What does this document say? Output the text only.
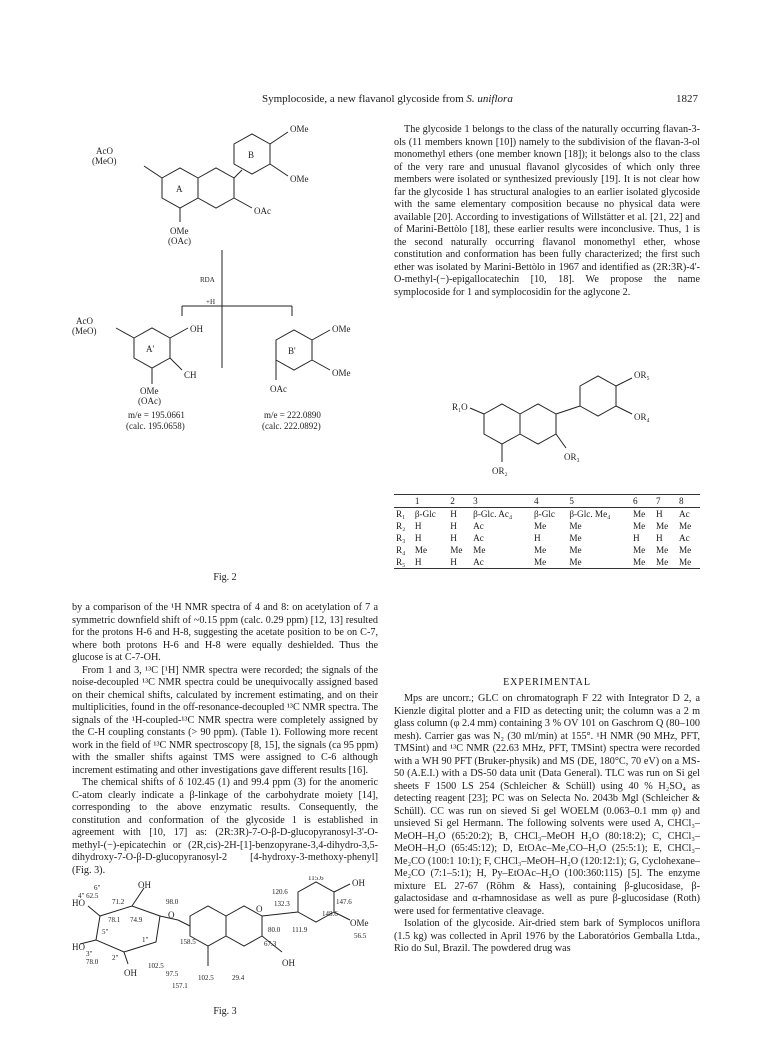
Symplocoside, a new flavanol glycoside from S. uniflora	1827
AcO
(MeO)
OMe
OMe
A
B
OAc
OMe
(OAc)
RDA
+H
AcO
(MeO)	OH
A'
CH
OMe
(OAc)
OMe
OMe
B'
OAc
m/e = 195.0661
(calc. 195.0658)
m/e = 222.0890
(calc. 222.0892)
Fig. 2

by a comparison of the ¹H NMR spectra of 4 and 8: on acetylation of 7 a symmetric downfield shift of ~0.15 ppm (calc. 0.29 ppm) [12, 13] resulted for the protons H-6 and H-8, suggesting the acetate position to be on C-7, where both protons H-6 and H-8 were equally deshielded. Thus the glucose is at C-7-OH.

From 1 and 3, ¹³C [¹H] NMR spectra were recorded; the signals of the noise-decoupled ¹³C NMR spectra could be unequivocally assigned based on their chemical shifts, calculated by increment estimating, and on their multiplicities, found in the off-resonance-decoupled ¹³C NMR spectra. The signals of the ¹H-coupled-¹³C NMR spectra were completely assigned by the C-H coupling constants (> 90 ppm). (Table 1). Following more recent work in the field of ¹³C NMR spectroscopy [8, 15], the signals (ca 95 ppm) with the smaller shifts against TMS were assigned to C-6 although increment estimating and other investigations gave different results [16].

The chemical shifts of δ 102.45 (1) and 99.4 ppm (3) for the anomeric C-atom clearly indicate a β-linkage of the carbohydrate moiety [14], corresponding to the above enzymatic results. Consequently, the constitution and conformation of the glycoside 1 is established in agreement with [10, 17] as: (2R:3R)-7-O-β-D-glucopyranosyl-3'-O-methyl-(−)-epicatechin or (2R,cis)-2H-[1]-benzopyrane-3,4-dihydro-3,5-dihydroxy-7-O-β-D-glucopyranosyl-2 [4-hydroxy-3-methoxy-phenyl] (Fig. 3).

HO
HO
OH
O
OH
O
OH
OMe
OH
6"
4" 62.5
71.2
78.1 74.9
5"
3"
78.0 2"
98.0
1"
102.5
158.5
97.5
157.1
102.5	29.4
120.6
132.3
80.0 111.9
115.6
147.6
148.6
56.5
67.3
Fig. 3

The glycoside 1 belongs to the class of the naturally occurring flavan-3-ols (11 members known [10]) namely to the subdivision of the flavan-3-ol monomethyl ethers (one member known [18]); it belongs also to the class of the very rare and unusual flavanol glycosides of which only three members were isolated or synthesized previously [19]. It is not clear how far the glycoside 1 has structural analogies to an earlier isolated glycoside with the same elementary composition because no physical data were available [20]. According to investigations of Willstätter et al. [21, 22] and of Marini-Bettòlo [18], these earlier results were inconclusive. Thus, 1 is the second naturally occurring flavanol monomethyl ether, whose constitution and conformation has been fully characterized; the first such ether was isolated by Marini-Bettòlo in 1967 and identified as (2R:3R)-4'-O-methyl-(−)-epigallocatechin [10, 18]. We propose the name symplocoside for 1 and symplocosidin for the aglycone 2.

OR₅
R₁O
OR₄
OR₃
OR₂
	1	2	3	4	5	6	7	8
R₁	β-Glc	H	β-Glc. Ac₄	β-Glc	β-Glc. Me₄	Me	H	Ac
R₂	H	H	Ac	Me	Me	Me	Me	Me
R₃	H	H	Ac	H	Me	H	H	Ac
R₄	Me	Me	Me	Me	Me	Me	Me	Me
R₅	H	H	Ac	Me	Me	Me	Me	Me
EXPERIMENTAL

Mps are uncorr.; GLC on chromatograph F 22 with Integrator D 2, a Kienzle digital plotter and a FID as detecting unit; the column was a 2 m glass column (φ 2.4 mm) containing 3 % OV 101 on Gaschrom Q (80–100 mesh). Carrier gas was N₂ (30 ml/min) at 155°. ¹H NMR (90 MHz, PFT, TMSint) and ¹³C NMR (22.63 MHz, PFT, TMSint) spectra were recorded with a WH 90 PFT (Bruker-physik) and MS (DE, 180°C, 70 eV) on a MS-50 (A.E.I.) with a DS-50 data unit (Data General). TLC was run on Si gel sheets F 1500 LS 254 (Schleicher & Schüll) using 40 % H₂SO₄ as detecting reagent [23]; PC was on Selecta No. 2043b Mgl (Schleicher & Schüll). CC was run on sieved Si gel WOELM (0.063–0.1 mm φ) and unsieved Si gel Hermann. The following solvents were used A, CHCl₃–MeOH–H₂O (65:20:2); B, CHCl₃–MeOH H₂O (80:18:2); C, CHCl₃–MeOH–H₂O (65:45:12); D, EtOAc–Me₂CO–H₂O (25:5:1); E, CHCl₃–Me₂CO (100:1 10:1); F, CHCl₃–MeOH–H₂O (120:12:1); G, Cyclohexane–Me₂CO (7:1–5:1); H, Py–EtOAc–H₂O (100:360:115) [5]. The enzyme mixture EL 27-67 (Röhm & Hass), containing β-glucosidase, β-galactosidase and α-rhamnosidase as well as pure β-glucosidase (Roth) were used for fermentative cleavage.

Isolation of the glycoside. Air-dried stem bark of Symplocos uniflora (1.5 kg) was collected in April 1976 by the Laboratórios Gemballa Ltda., Rio do Sul, Brazil. The powdered drug was
